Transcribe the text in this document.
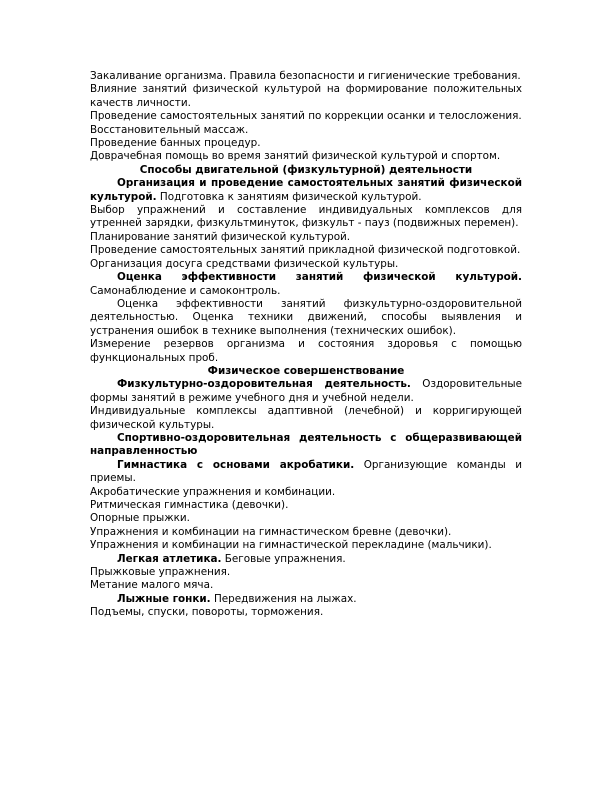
Закаливание организма. Правила безопасности и гигиенические требования.

Влияние занятий физической культурой на формирование положительных качеств личности.

Проведение самостоятельных занятий по коррекции осанки и телосложения.

Восстановительный массаж.

Проведение банных процедур.

Доврачебная помощь во время занятий физической культурой и спортом.

Способы двигательной (физкультурной) деятельности

Организация и проведение самостоятельных занятий физической культурой. Подготовка к занятиям физической культурой.

Выбор упражнений и составление индивидуальных комплексов для утренней зарядки, физкультминуток, физкульт - пауз (подвижных перемен).

Планирование занятий физической культурой.

Проведение самостоятельных занятий прикладной физической подготовкой.

Организация досуга средствами физической культуры.

Оценка эффективности занятий физической культурой. Самонаблюдение и самоконтроль.

Оценка эффективности занятий физкультурно-оздоровительной деятельностью. Оценка техники движений, способы выявления и устранения ошибок в технике выполнения (технических ошибок).

Измерение резервов организма и состояния здоровья с помощью функциональных проб.

Физическое совершенствование

Физкультурно-оздоровительная деятельность. Оздоровительные формы занятий в режиме учебного дня и учебной недели.

Индивидуальные комплексы адаптивной (лечебной) и корригирующей физической культуры.

Спортивно-оздоровительная деятельность с общеразвивающей направленностью

Гимнастика с основами акробатики. Организующие команды и приемы.

Акробатические упражнения и комбинации.

Ритмическая гимнастика (девочки).

Опорные прыжки.

Упражнения и комбинации на гимнастическом бревне (девочки).

Упражнения и комбинации на гимнастической перекладине (мальчики).

Легкая атлетика. Беговые упражнения.

Прыжковые упражнения.

Метание малого мяча.

Лыжные гонки. Передвижения на лыжах.

Подъемы, спуски, повороты, торможения.
